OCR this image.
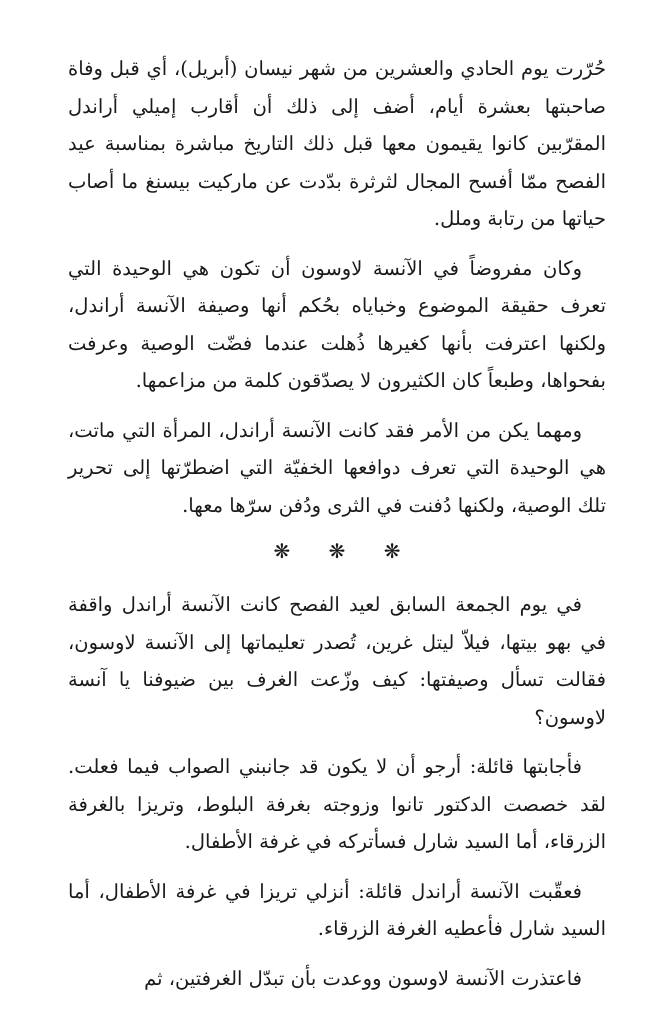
حُرّرت يوم الحادي والعشرين من شهر نيسان (أبريل)، أي قبل وفاة صاحبتها بعشرة أيام، أضف إلى ذلك أن أقارب إميلي أراندل المقرّبين كانوا يقيمون معها قبل ذلك التاريخ مباشرة بمناسبة عيد الفصح ممّا أفسح المجال لثرثرة بدّدت عن ماركيت بيسنغ ما أصاب حياتها من رتابة وملل.

وكان مفروضاً في الآنسة لاوسون أن تكون هي الوحيدة التي تعرف حقيقة الموضوع وخباياه بحُكم أنها وصيفة الآنسة أراندل، ولكنها اعترفت بأنها كغيرها ذُهلت عندما فضّت الوصية وعرفت بفحواها، وطبعاً كان الكثيرون لا يصدّقون كلمة من مزاعمها.

ومهما يكن من الأمر فقد كانت الآنسة أراندل، المرأة التي ماتت، هي الوحيدة التي تعرف دوافعها الخفيّة التي اضطرّتها إلى تحرير تلك الوصية، ولكنها دُفنت في الثرى ودُفن سرّها معها.

❋ ❋ ❋

في يوم الجمعة السابق لعيد الفصح كانت الآنسة أراندل واقفة في بهو بيتها، فيلاّ ليتل غرين، تُصدر تعليماتها إلى الآنسة لاوسون، فقالت تسأل وصيفتها: كيف وزّعت الغرف بين ضيوفنا يا آنسة لاوسون؟

فأجابتها قائلة: أرجو أن لا يكون قد جانبني الصواب فيما فعلت. لقد خصصت الدكتور تانوا وزوجته بغرفة البلوط، وتريزا بالغرفة الزرقاء، أما السيد شارل فسأتركه في غرفة الأطفال.

فعقّبت الآنسة أراندل قائلة: أنزلي تريزا في غرفة الأطفال، أما السيد شارل فأعطيه الغرفة الزرقاء.

فاعتذرت الآنسة لاوسون ووعدت بأن تبدّل الغرفتين، ثم
